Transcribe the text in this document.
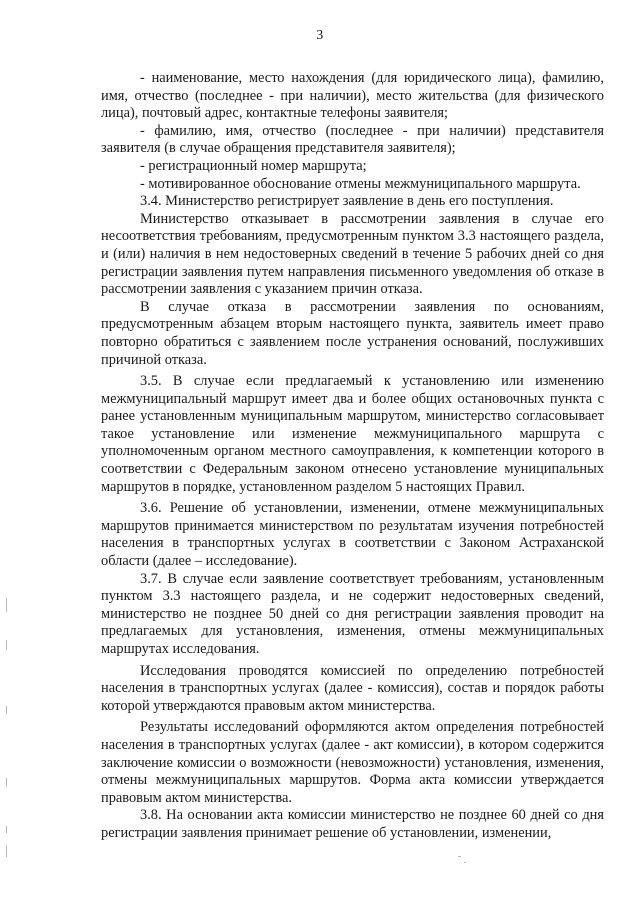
3

- наименование, место нахождения (для юридического лица), фамилию, имя, отчество (последнее - при наличии), место жительства (для физического лица), почтовый адрес, контактные телефоны заявителя;

- фамилию, имя, отчество (последнее - при наличии) представителя заявителя (в случае обращения представителя заявителя);

- регистрационный номер маршрута;

- мотивированное обоснование отмены межмуниципального маршрута.

3.4. Министерство регистрирует заявление в день его поступления.

Министерство отказывает в рассмотрении заявления в случае его несоответствия требованиям, предусмотренным пунктом 3.3 настоящего раздела, и (или) наличия в нем недостоверных сведений в течение 5 рабочих дней со дня регистрации заявления путем направления письменного уведомления об отказе в рассмотрении заявления с указанием причин отказа.

В случае отказа в рассмотрении заявления по основаниям, предусмотренным абзацем вторым настоящего пункта, заявитель имеет право повторно обратиться с заявлением после устранения оснований, послуживших причиной отказа.

3.5. В случае если предлагаемый к установлению или изменению межмуниципальный маршрут имеет два и более общих остановочных пункта с ранее установленным муниципальным маршрутом, министерство согласовывает такое установление или изменение межмуниципального маршрута с уполномоченным органом местного самоуправления, к компетенции которого в соответствии с Федеральным законом отнесено установление муниципальных маршрутов в порядке, установленном разделом 5 настоящих Правил.

3.6. Решение об установлении, изменении, отмене межмуниципальных маршрутов принимается министерством по результатам изучения потребностей населения в транспортных услугах в соответствии с Законом Астраханской области (далее – исследование).

3.7. В случае если заявление соответствует требованиям, установленным пунктом 3.3 настоящего раздела, и не содержит недостоверных сведений, министерство не позднее 50 дней со дня регистрации заявления проводит на предлагаемых для установления, изменения, отмены межмуниципальных маршрутах исследования.

Исследования проводятся комиссией по определению потребностей населения в транспортных услугах (далее - комиссия), состав и порядок работы которой утверждаются правовым актом министерства.

Результаты исследований оформляются актом определения потребностей населения в транспортных услугах (далее - акт комиссии), в котором содержится заключение комиссии о возможности (невозможности) установления, изменения, отмены межмуниципальных маршрутов. Форма акта комиссии утверждается правовым актом министерства.

3.8. На основании акта комиссии министерство не позднее 60 дней со дня регистрации заявления принимает решение об установлении, изменении,
